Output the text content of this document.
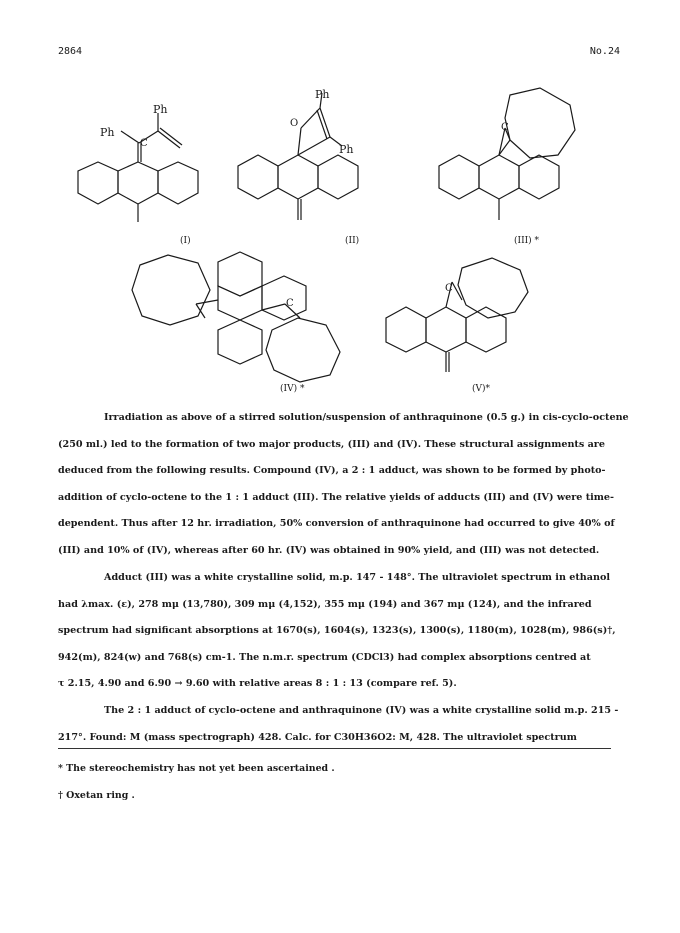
2864	No.24
Ph
Ph
C
Ph
Ph
O	C
C
C
(I)	(II)	(III) *
(IV) *	(V)*
Irradiation as above of a stirred solution/suspension of anthraquinone (0.5 g.) in cis-cyclo-octene
(250 ml.) led to the formation of two major products, (III) and (IV). These structural assignments are
deduced from the following results. Compound (IV), a 2 : 1 adduct, was shown to be formed by photo-
addition of cyclo-octene to the 1 : 1 adduct (III). The relative yields of adducts (III) and (IV) were time-
dependent. Thus after 12 hr. irradiation, 50% conversion of anthraquinone had occurred to give 40% of
(III) and 10% of (IV), whereas after 60 hr. (IV) was obtained in 90% yield, and (III) was not detected.
Adduct (III) was a white crystalline solid, m.p. 147 - 148°. The ultraviolet spectrum in ethanol
had λmax. (ε), 278 mμ (13,780), 309 mμ (4,152), 355 mμ (194) and 367 mμ (124), and the infrared
spectrum had significant absorptions at 1670(s), 1604(s), 1323(s), 1300(s), 1180(m), 1028(m), 986(s)†,
942(m), 824(w) and 768(s) cm-1. The n.m.r. spectrum (CDCl3) had complex absorptions centred at
τ 2.15, 4.90 and 6.90 → 9.60 with relative areas 8 : 1 : 13 (compare ref. 5).
The 2 : 1 adduct of cyclo-octene and anthraquinone (IV) was a white crystalline solid m.p. 215 -
217°. Found: M (mass spectrograph) 428. Calc. for C30H36O2: M, 428. The ultraviolet spectrum
* The stereochemistry has not yet been ascertained .
† Oxetan ring .
